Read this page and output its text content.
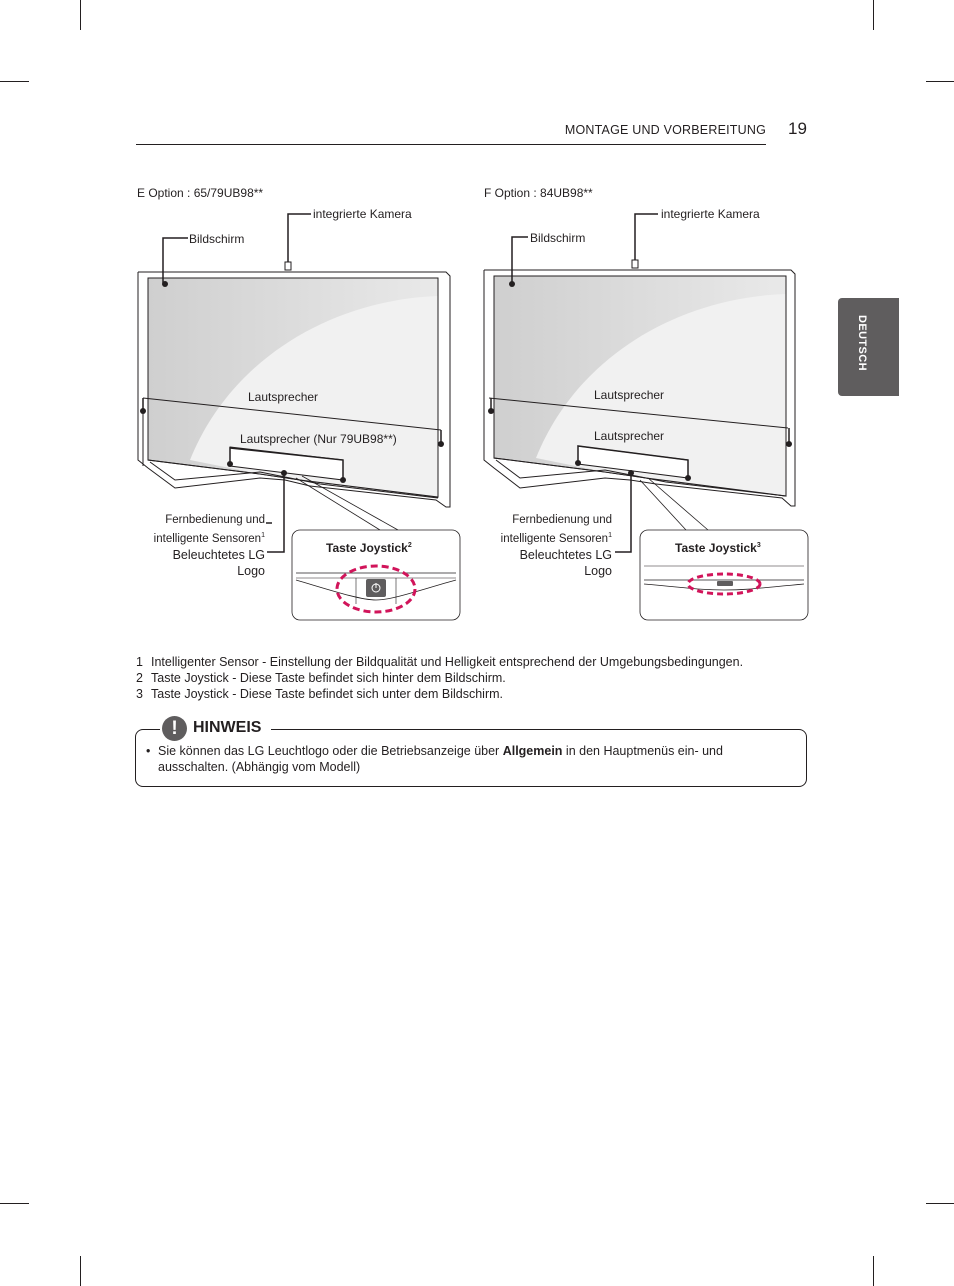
MONTAGE UND VORBEREITUNG 19
DEUTSCH
E Option : 65/79UB98**
integrierte Kamera
Bildschirm
Lautsprecher
Lautsprecher (Nur 79UB98**)
Fernbedienung und
intelligente Sensoren$^1$
Beleuchtetes LG
Logo
Taste Joystick$^2$
F Option : 84UB98**
integrierte Kamera
Bildschirm
Lautsprecher
Lautsprecher
Fernbedienung und
intelligente Sensoren$^1$
Beleuchtetes LG
Logo
Taste Joystick$^3$
1 Intelligenter Sensor - Einstellung der Bildqualität und Helligkeit entsprechend der Umgebungsbedingungen.
2 Taste Joystick - Diese Taste befindet sich hinter dem Bildschirm.
3 Taste Joystick - Diese Taste befindet sich unter dem Bildschirm.
! HINWEIS
• Sie können das LG Leuchtlogo oder die Betriebsanzeige über Allgemein in den Hauptmenüs ein- und ausschalten. (Abhängig vom Modell)
